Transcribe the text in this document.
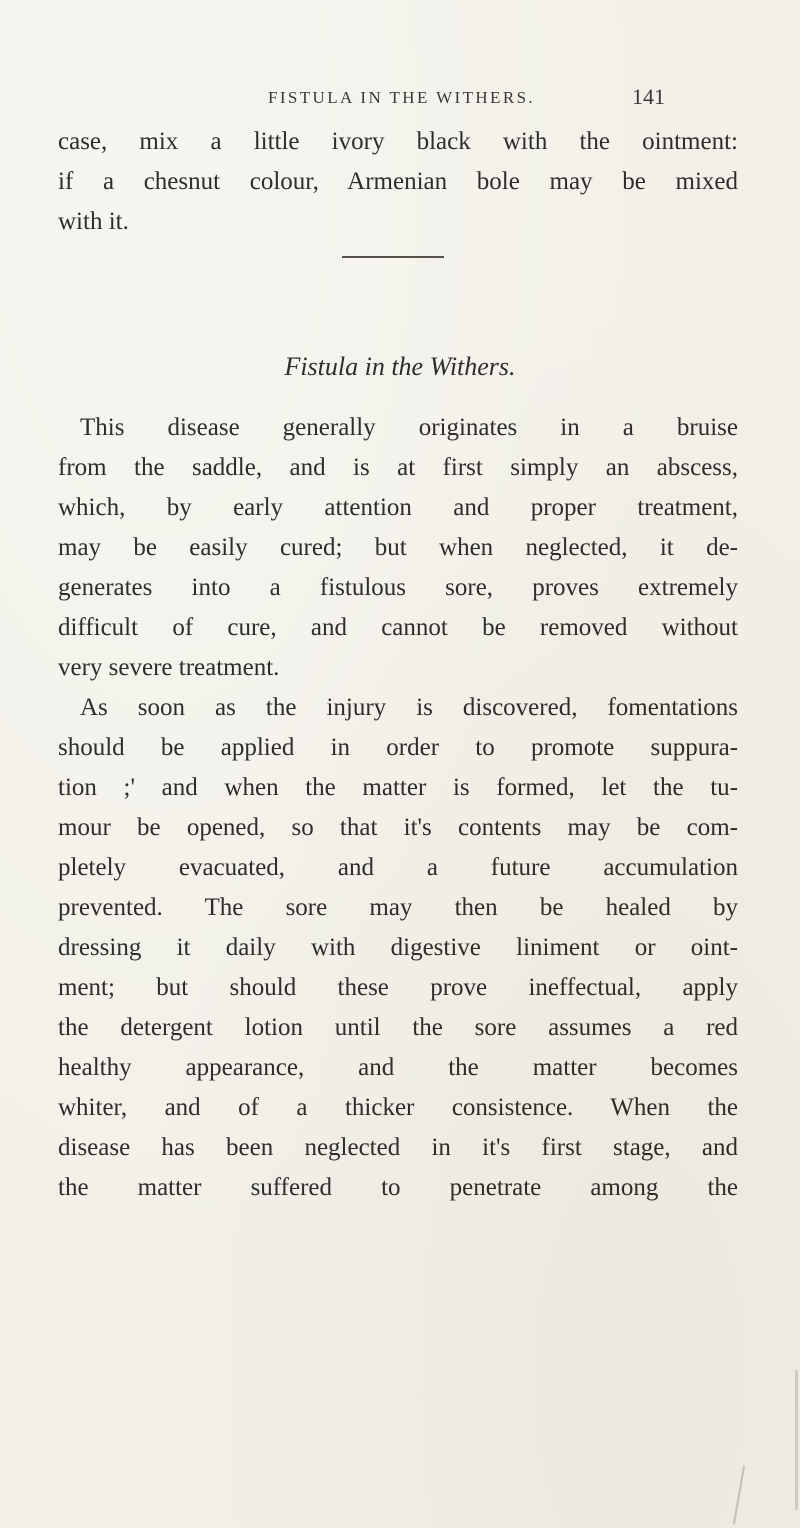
FISTULA IN THE WITHERS.	141
case, mix a little ivory black with the ointment:
if a chesnut colour, Armenian bole may be mixed
with it.
Fistula in the Withers.
This disease generally originates in a bruise
from the saddle, and is at first simply an abscess,
which, by early attention and proper treatment,
may be easily cured; but when neglected, it de-
generates into a fistulous sore, proves extremely
difficult of cure, and cannot be removed without
very severe treatment.
As soon as the injury is discovered, fomentations
should be applied in order to promote suppura-
tion ;' and when the matter is formed, let the tu-
mour be opened, so that it's contents may be com-
pletely evacuated, and a future accumulation
prevented. The sore may then be healed by
dressing it daily with digestive liniment or oint-
ment; but should these prove ineffectual, apply
the detergent lotion until the sore assumes a red
healthy appearance, and the matter becomes
whiter, and of a thicker consistence. When the
disease has been neglected in it's first stage, and
the matter suffered to penetrate among the
